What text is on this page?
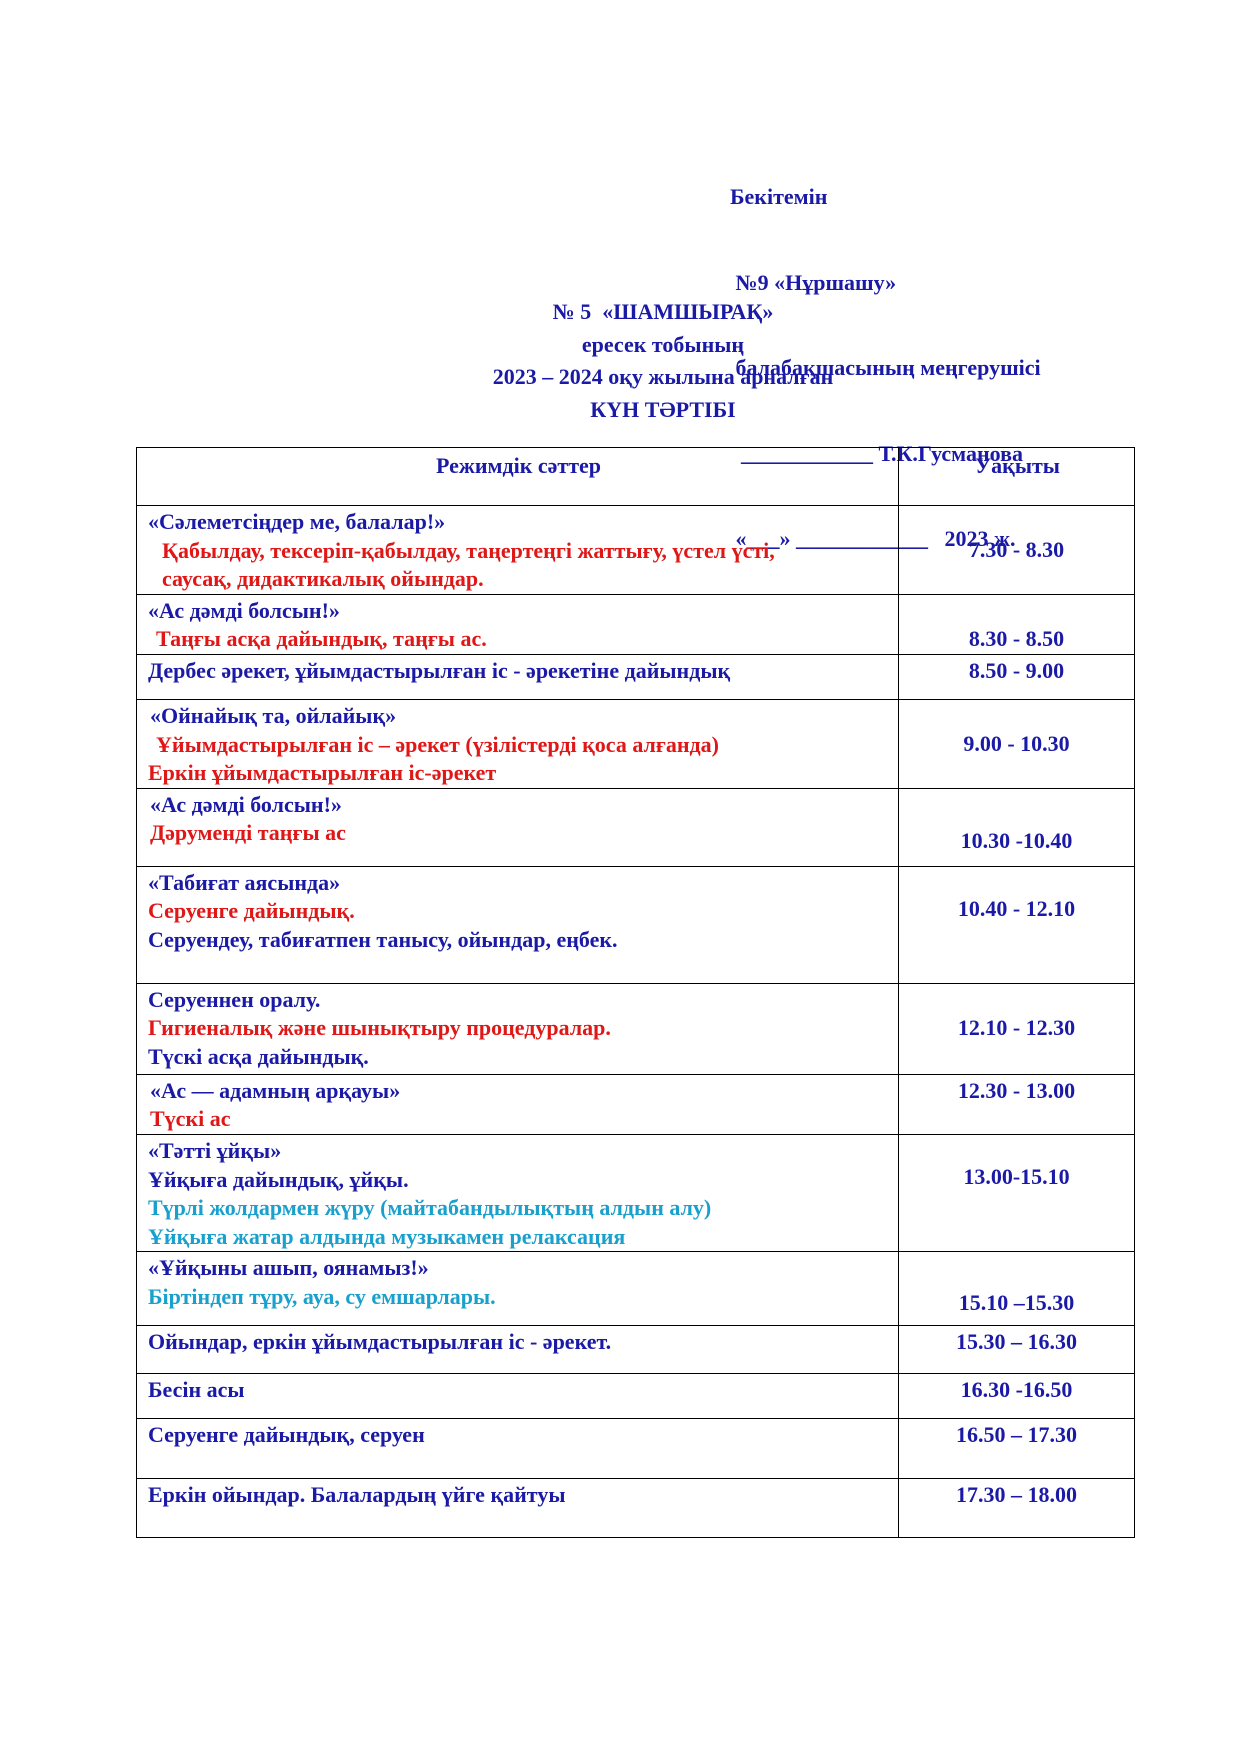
Бекітемін

№9 «Нұршашу»

балабақшасының меңгерушісі

____________ Т.К.Гусманова

«___» ____________   2023 ж.

№ 5  «ШАМШЫРАҚ»
ересек тобының
2023 – 2024 оқу жылына арналған
КҮН ТӘРТІБІ
Режимдік сәттер	Уақыты

«Сәлеметсіңдер ме, балалар!»
Қабылдау, тексеріп-қабылдау, таңертеңгі жаттығу, үстел үсті,
саусақ, дидактикалық ойындар.	7.30 - 8.30

«Ас дәмді болсын!»
Таңғы асқа дайындық, таңғы ас.	8.30 - 8.50

Дербес әрекет, ұйымдастырылған іс - әрекетіне дайындық	8.50 - 9.00

«Ойнайық та, ойлайық»
Ұйымдастырылған іс – әрекет (үзілістерді қоса алғанда)
Еркін ұйымдастырылған іс-әрекет	9.00 - 10.30

«Ас дәмді болсын!»
Дәрумендi таңғы ас	10.30 -10.40

«Табиғат аясында»
Серуенге дайындық.
Серуендеу, табиғатпен танысу, ойындар, еңбек.	10.40 - 12.10

Серуеннен оралу.
Гигиеналық және шынықтыру процедуралар.
Түскі асқа дайындық.	12.10 - 12.30

«Ас — адамның арқауы»
Түскі ас	12.30 - 13.00

«Тәтті ұйқы»
Ұйқыға дайындық, ұйқы.
Түрлі жолдармен жүру (майтабандылықтың алдын алу)
Ұйқыға жатар алдында музыкамен релаксация	13.00-15.10

«Ұйқыны ашып, оянамыз!»
Біртіндеп тұру, ауа, су емшарлары.	15.10 –15.30

Ойындар, еркін ұйымдастырылған іс - әрекет.	15.30 – 16.30

Бесін асы	16.30 -16.50

Серуенге дайындық, серуен	16.50 – 17.30

Еркін ойындар. Балалардың үйге қайтуы	17.30 – 18.00
